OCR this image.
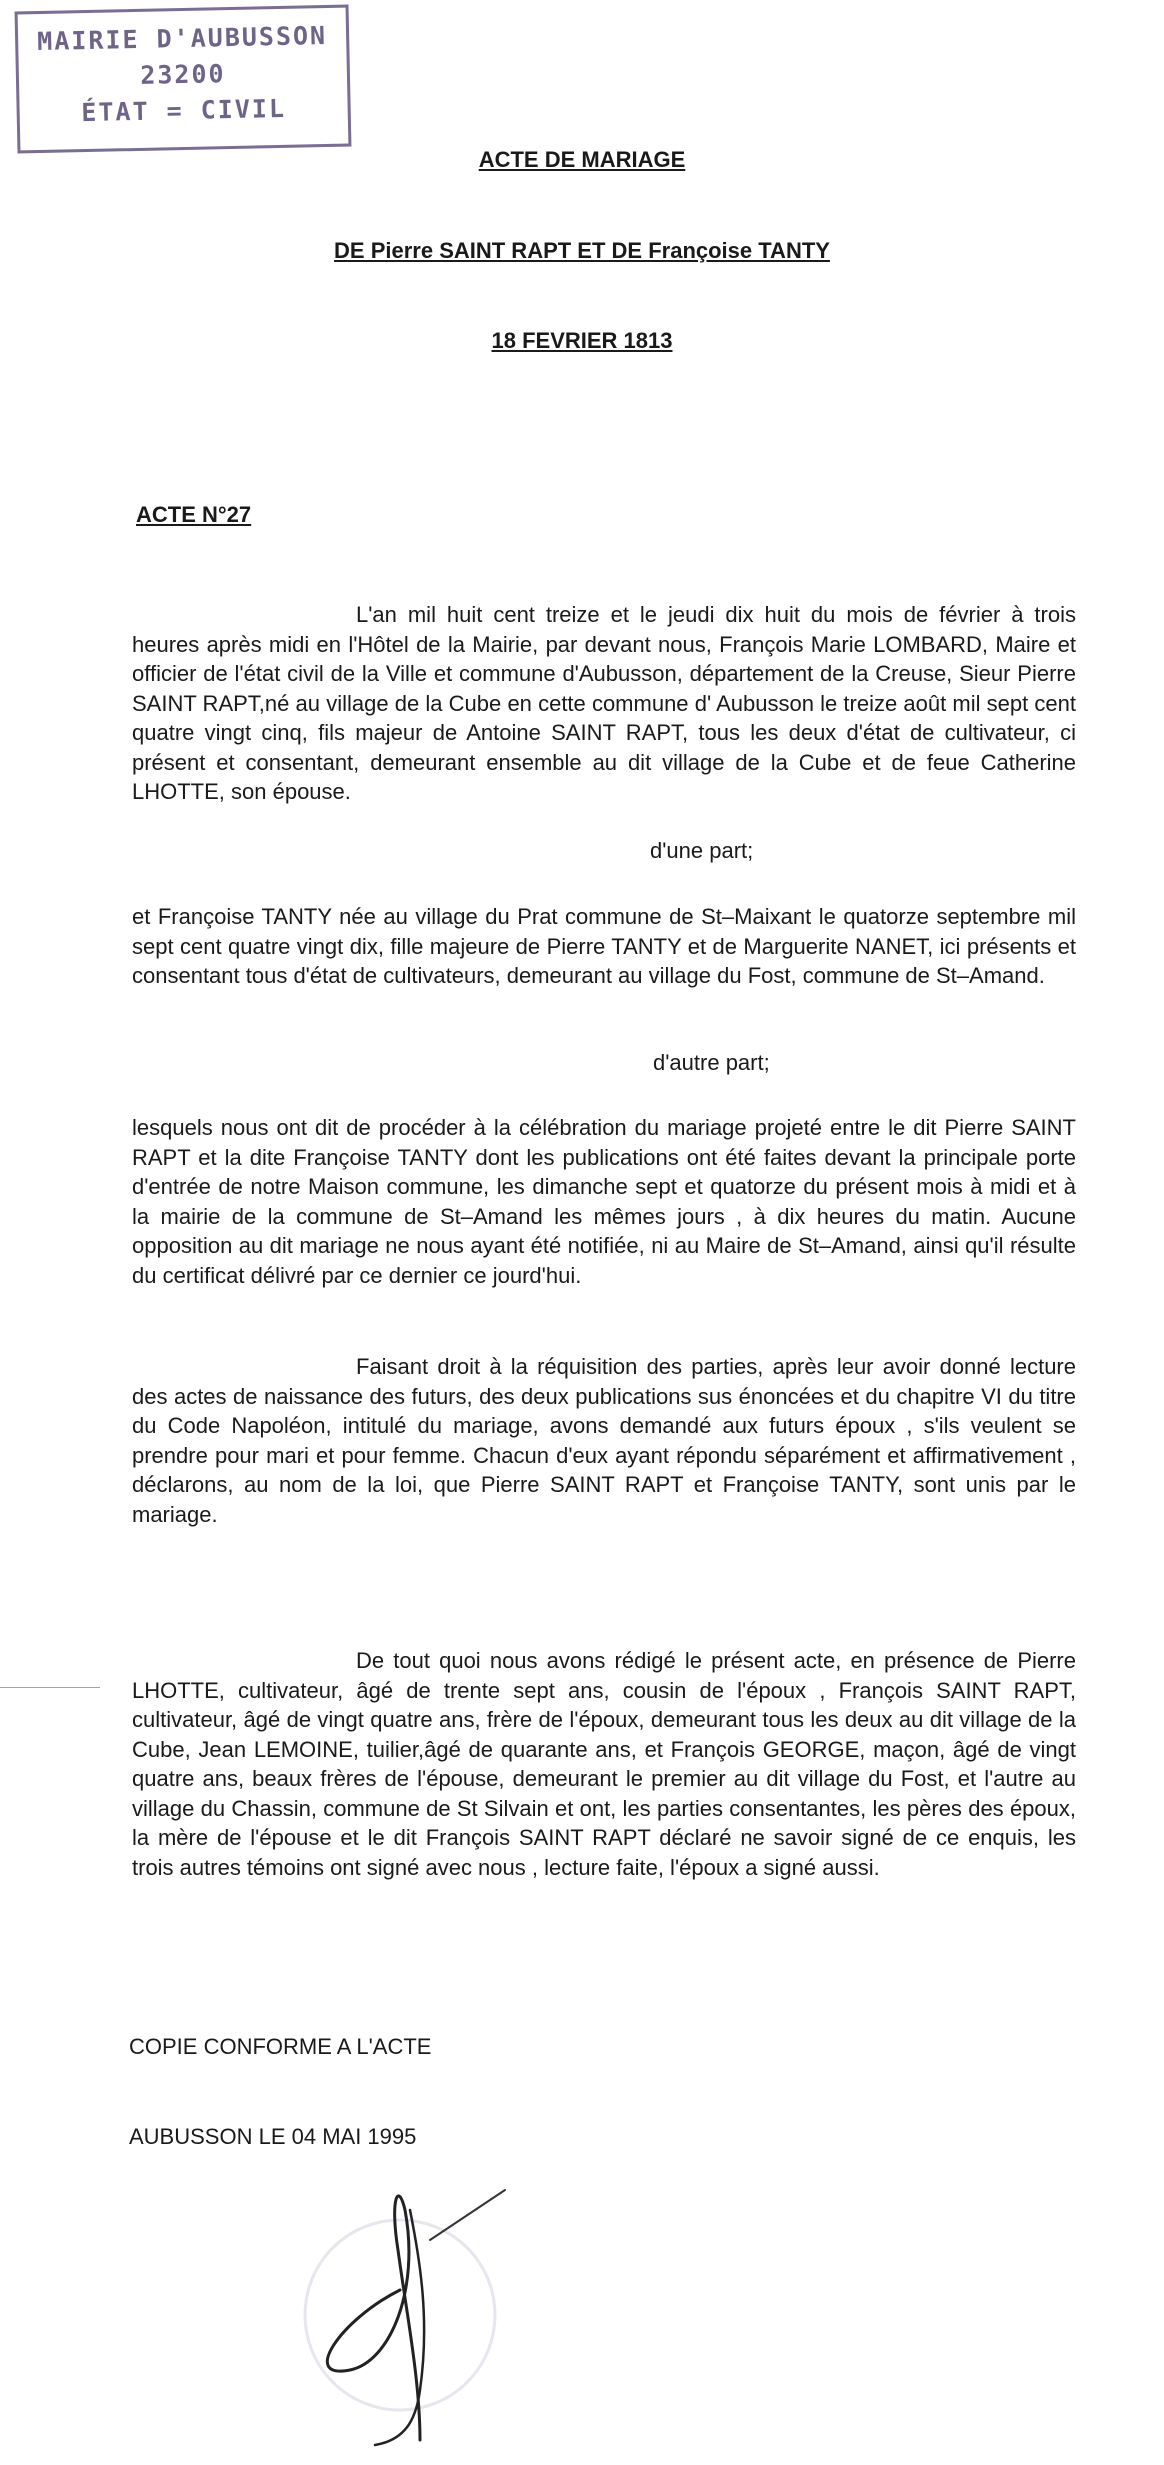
MAIRIE D'AUBUSSON
23200
ÉTAT = CIVIL
ACTE DE MARIAGE
DE Pierre SAINT RAPT ET DE Françoise TANTY
18 FEVRIER 1813
ACTE N°27

L'an mil huit cent treize et le jeudi dix huit du mois de février à trois heures après midi en l'Hôtel de la Mairie, par devant nous, François Marie LOMBARD, Maire et officier de l'état civil de la Ville et commune d'Aubusson, département de la Creuse, Sieur Pierre SAINT RAPT,né au village de la Cube en cette commune d' Aubusson le treize août mil sept cent quatre vingt cinq, fils majeur de Antoine SAINT RAPT, tous les deux d'état de cultivateur, ci présent et consentant, demeurant ensemble au dit village de la Cube et de feue Catherine LHOTTE, son épouse.

d'une part;

et Françoise TANTY née au village du Prat commune de St–Maixant le quatorze septembre mil sept cent quatre vingt dix, fille majeure de Pierre TANTY et de Marguerite NANET, ici présents et consentant tous d'état de cultivateurs, demeurant au village du Fost, commune de St–Amand.

d'autre part;

lesquels nous ont dit de procéder à la célébration du mariage projeté entre le dit Pierre SAINT RAPT et la dite Françoise TANTY dont les publications ont été faites devant la principale porte d'entrée de notre Maison commune, les dimanche sept et quatorze du présent mois à midi et à la mairie de la commune de St–Amand les mêmes jours , à dix heures du matin. Aucune opposition au dit mariage ne nous ayant été notifiée, ni au Maire de St–Amand, ainsi qu'il résulte du certificat délivré par ce dernier ce jourd'hui.

Faisant droit à la réquisition des parties, après leur avoir donné lecture des actes de naissance des futurs, des deux publications sus énoncées et du chapitre VI du titre du Code Napoléon, intitulé du mariage, avons demandé aux futurs époux , s'ils veulent se prendre pour mari et pour femme. Chacun d'eux ayant répondu séparément et affirmativement , déclarons, au nom de la loi, que Pierre SAINT RAPT et Françoise TANTY, sont unis par le mariage.

De tout quoi nous avons rédigé le présent acte, en présence de Pierre LHOTTE, cultivateur, âgé de trente sept ans, cousin de l'époux , François SAINT RAPT, cultivateur, âgé de vingt quatre ans, frère de l'époux, demeurant tous les deux au dit village de la Cube, Jean LEMOINE, tuilier,âgé de quarante ans, et François GEORGE, maçon, âgé de vingt quatre ans, beaux frères de l'épouse, demeurant le premier au dit village du Fost, et l'autre au village du Chassin, commune de St Silvain et ont, les parties consentantes, les pères des époux, la mère de l'épouse et le dit François SAINT RAPT déclaré ne savoir signé de ce enquis, les trois autres témoins ont signé avec nous , lecture faite, l'époux a signé aussi.

COPIE CONFORME A L'ACTE
AUBUSSON LE 04 MAI 1995
